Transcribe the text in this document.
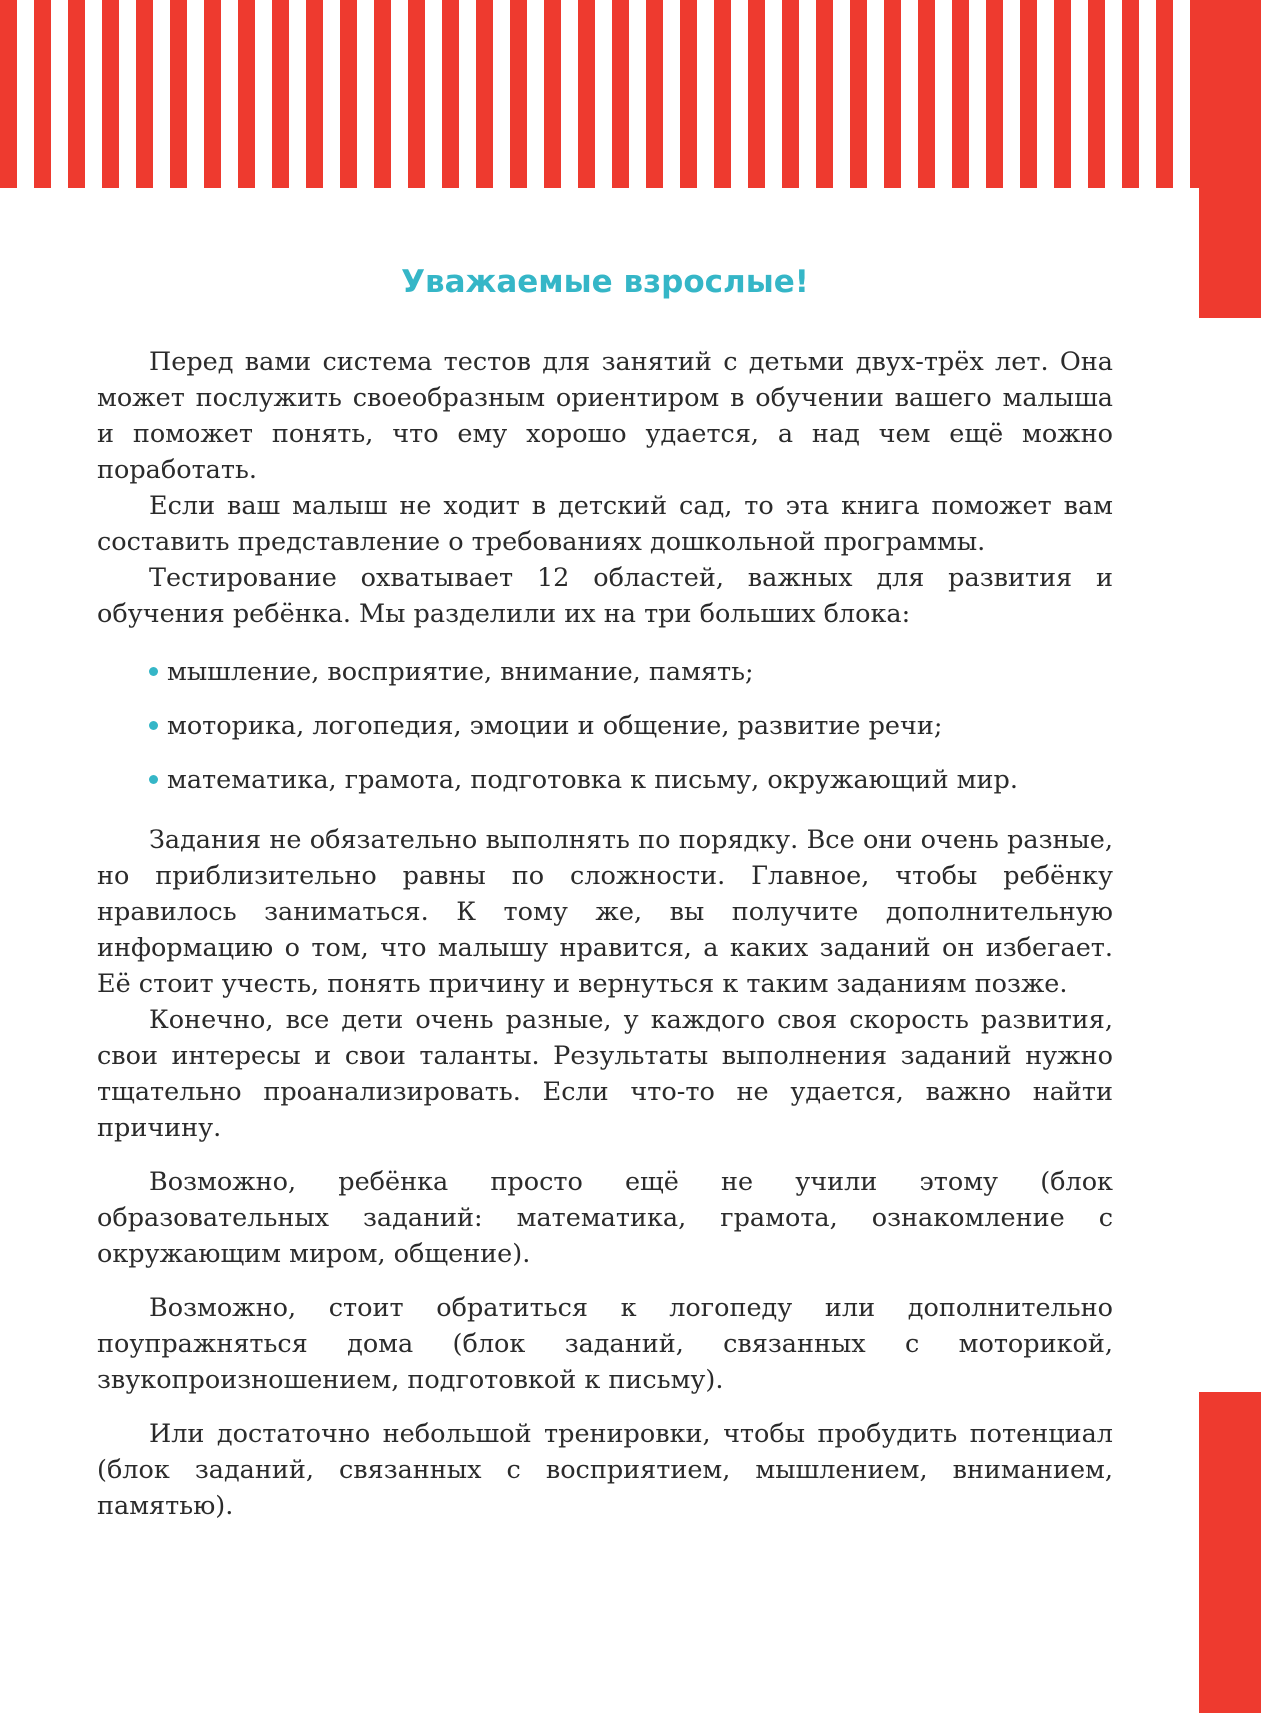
Уважаемые взрослые!

Перед вами система тестов для занятий с детьми двух-трёх лет. Она может послужить своеобразным ориентиром в обучении вашего малыша и поможет понять, что ему хорошо удается, а над чем ещё можно поработать.

Если ваш малыш не ходит в детский сад, то эта книга поможет вам составить представление о требованиях дошкольной программы.

Тестирование охватывает 12 областей, важных для развития и обучения ребёнка. Мы разделили их на три больших блока:

мышление, восприятие, внимание, память;
моторика, логопедия, эмоции и общение, развитие речи;
математика, грамота, подготовка к письму, окружающий мир.

Задания не обязательно выполнять по порядку. Все они очень разные, но приблизительно равны по сложности. Главное, чтобы ребёнку нравилось заниматься. К тому же, вы получите дополнительную информацию о том, что малышу нравится, а каких заданий он избегает. Её стоит учесть, понять причину и вернуться к таким заданиям позже.

Конечно, все дети очень разные, у каждого своя скорость развития, свои интересы и свои таланты. Результаты выполнения заданий нужно тщательно проанализировать. Если что-то не удается, важно найти причину.

Возможно, ребёнка просто ещё не учили этому (блок образовательных заданий: математика, грамота, ознакомление с окружающим миром, общение).

Возможно, стоит обратиться к логопеду или дополнительно поупражняться дома (блок заданий, связанных с моторикой, звукопроизношением, подготовкой к письму).

Или достаточно небольшой тренировки, чтобы пробудить потенциал (блок заданий, связанных с восприятием, мышлением, вниманием, памятью).
